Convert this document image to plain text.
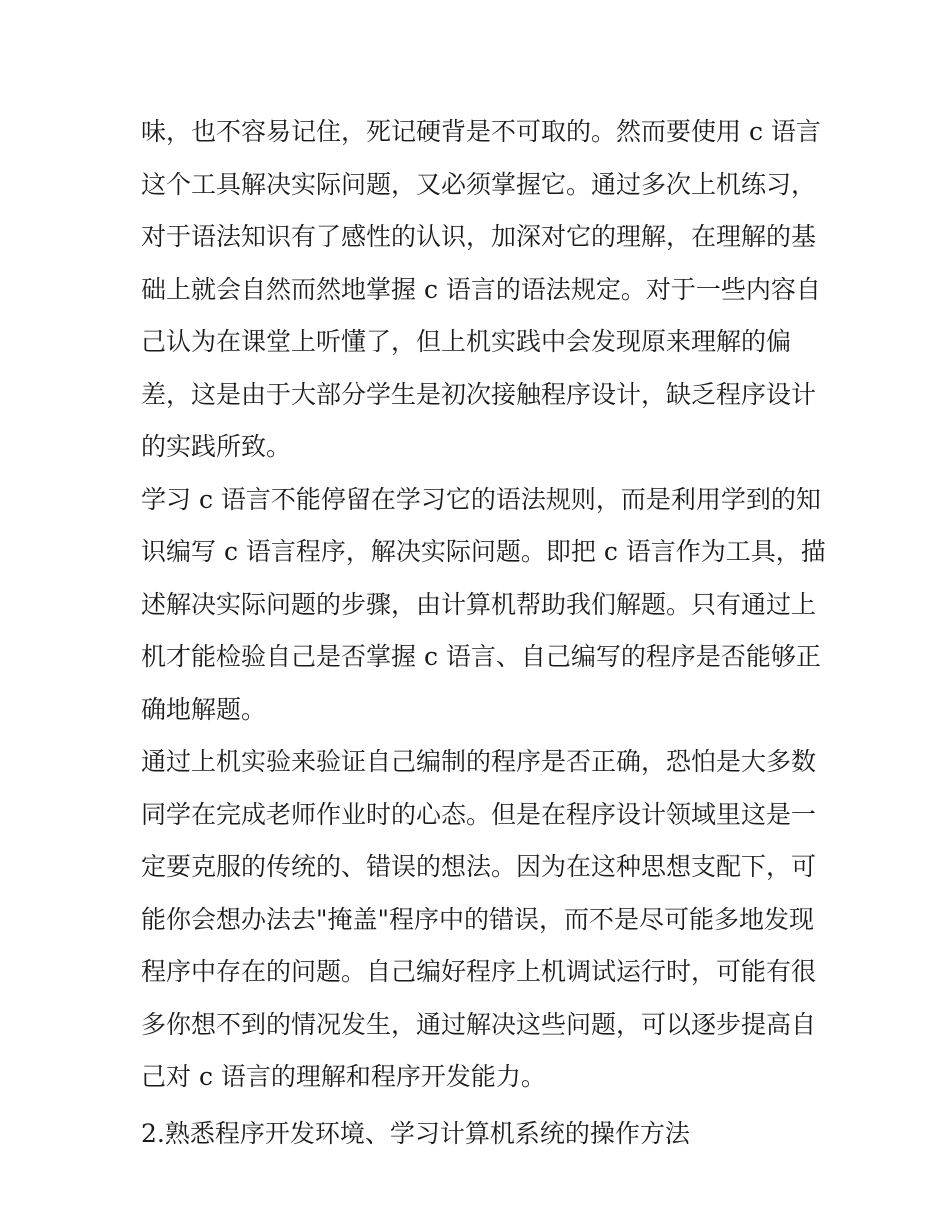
味，也不容易记住，死记硬背是不可取的。然而要使用 c 语言
这个工具解决实际问题，又必须掌握它。通过多次上机练习，
对于语法知识有了感性的认识，加深对它的理解，在理解的基
础上就会自然而然地掌握 c 语言的语法规定。对于一些内容自
己认为在课堂上听懂了，但上机实践中会发现原来理解的偏
差，这是由于大部分学生是初次接触程序设计，缺乏程序设计
的实践所致。
学习 c 语言不能停留在学习它的语法规则，而是利用学到的知
识编写 c 语言程序，解决实际问题。即把 c 语言作为工具，描
述解决实际问题的步骤，由计算机帮助我们解题。只有通过上
机才能检验自己是否掌握 c 语言、自己编写的程序是否能够正
确地解题。
通过上机实验来验证自己编制的程序是否正确，恐怕是大多数
同学在完成老师作业时的心态。但是在程序设计领域里这是一
定要克服的传统的、错误的想法。因为在这种思想支配下，可
能你会想办法去"掩盖"程序中的错误，而不是尽可能多地发现
程序中存在的问题。自己编好程序上机调试运行时，可能有很
多你想不到的情况发生，通过解决这些问题，可以逐步提高自
己对 c 语言的理解和程序开发能力。
2.熟悉程序开发环境、学习计算机系统的操作方法
